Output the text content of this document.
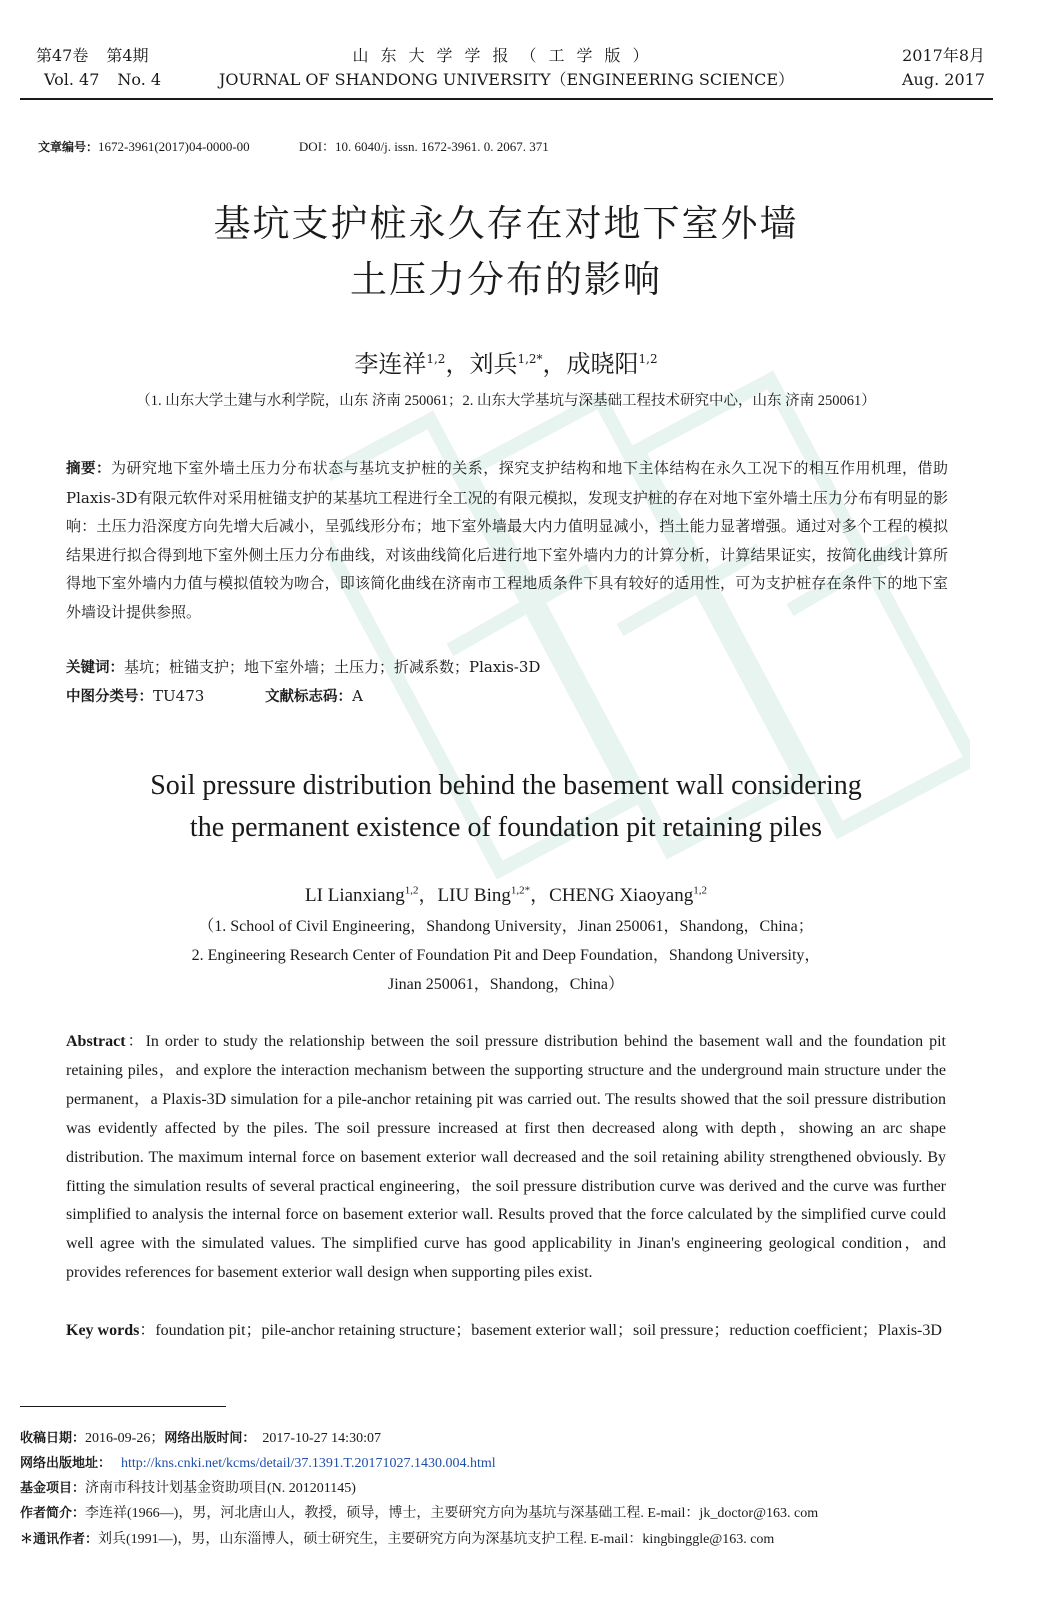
第47卷 第4期
Vol. 47 No. 4
山东大学学报（工学版）
JOURNAL OF SHANDONG UNIVERSITY（ENGINEERING SCIENCE）
2017年8月
Aug. 2017
文章编号：1672-3961(2017)04-0000-00	DOI：10. 6040/j. issn. 1672-3961. 0. 2067. 371
基坑支护桩永久存在对地下室外墙
土压力分布的影响
李连祥$^{1,2}$，刘兵$^{1,2*}$，成晓阳$^{1,2}$
（1. 山东大学土建与水利学院，山东 济南 250061；2. 山东大学基坑与深基础工程技术研究中心，山东 济南 250061）
摘要：为研究地下室外墙土压力分布状态与基坑支护桩的关系，探究支护结构和地下主体结构在永久工况下的相互作用机理，借助Plaxis-3D有限元软件对采用桩锚支护的某基坑工程进行全工况的有限元模拟，发现支护桩的存在对地下室外墙土压力分布有明显的影响：土压力沿深度方向先增大后减小，呈弧线形分布；地下室外墙最大内力值明显减小，挡土能力显著增强。通过对多个工程的模拟结果进行拟合得到地下室外侧土压力分布曲线，对该曲线简化后进行地下室外墙内力的计算分析，计算结果证实，按简化曲线计算所得地下室外墙内力值与模拟值较为吻合，即该简化曲线在济南市工程地质条件下具有较好的适用性，可为支护桩存在条件下的地下室外墙设计提供参照。
关键词：基坑；桩锚支护；地下室外墙；土压力；折减系数；Plaxis-3D
中图分类号：TU473	文献标志码：A
Soil pressure distribution behind the basement wall considering
the permanent existence of foundation pit retaining piles
LI Lianxiang$^{1,2}$，LIU Bing$^{1,2*}$，CHENG Xiaoyang$^{1,2}$
（1. School of Civil Engineering，Shandong University，Jinan 250061，Shandong，China；
2. Engineering Research Center of Foundation Pit and Deep Foundation，Shandong University，
Jinan 250061，Shandong，China）
Abstract：In order to study the relationship between the soil pressure distribution behind the basement wall and the foundation pit retaining piles，and explore the interaction mechanism between the supporting structure and the underground main structure under the permanent，a Plaxis-3D simulation for a pile-anchor retaining pit was carried out. The results showed that the soil pressure distribution was evidently affected by the piles. The soil pressure increased at first then decreased along with depth，showing an arc shape distribution. The maximum internal force on basement exterior wall decreased and the soil retaining ability strengthened obviously. By fitting the simulation results of several practical engineering，the soil pressure distribution curve was derived and the curve was further simplified to analysis the internal force on basement exterior wall. Results proved that the force calculated by the simplified curve could well agree with the simulated values. The simplified curve has good applicability in Jinan's engineering geological condition，and provides references for basement exterior wall design when supporting piles exist.
Key words：foundation pit；pile-anchor retaining structure；basement exterior wall；soil pressure；reduction coefficient；Plaxis-3D
收稿日期：2016-09-26；网络出版时间： 2017-10-27 14:30:07
网络出版地址： http://kns.cnki.net/kcms/detail/37.1391.T.20171027.1430.004.html
基金项目：济南市科技计划基金资助项目(N. 201201145)
作者简介：李连祥(1966—)，男，河北唐山人，教授，硕导，博士，主要研究方向为基坑与深基础工程. E-mail：jk_doctor@163. com
＊通讯作者：刘兵(1991—)，男，山东淄博人，硕士研究生，主要研究方向为深基坑支护工程. E-mail：kingbinggle@163. com
